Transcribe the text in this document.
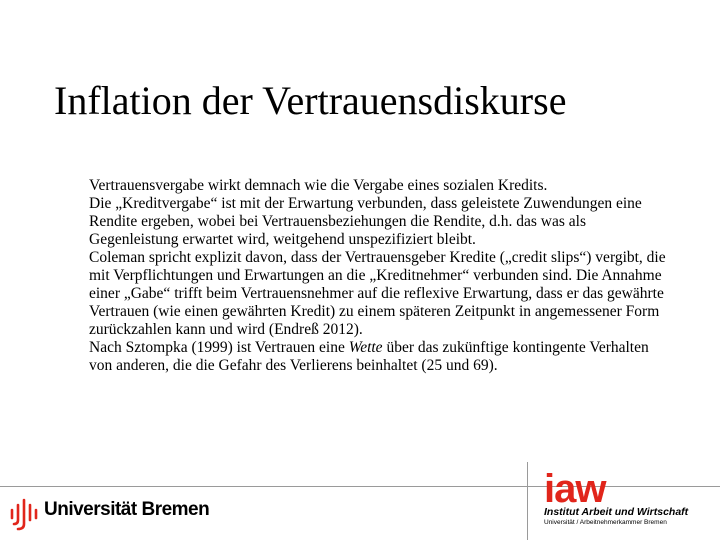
Inflation der Vertrauensdiskurse

Vertrauensvergabe wirkt demnach wie die Vergabe eines sozialen Kredits.

Die „Kreditvergabe“ ist mit der Erwartung verbunden, dass geleistete Zuwendungen eine Rendite ergeben, wobei bei Vertrauensbeziehungen die Rendite, d.h. das was als Gegenleistung erwartet wird, weitgehend unspezifiziert bleibt.

Coleman spricht explizit davon, dass der Vertrauensgeber Kredite („credit slips“) vergibt, die mit Verpflichtungen und Erwartungen an die „Kreditnehmer“ verbunden sind. Die Annahme einer „Gabe“ trifft beim Vertrauensnehmer auf die reflexive Erwartung, dass er das gewährte Vertrauen (wie einen gewährten Kredit) zu einem späteren Zeitpunkt in angemessener Form zurückzahlen kann und wird (Endreß 2012).

Nach Sztompka (1999) ist Vertrauen eine Wette über das zukünftige kontingente Verhalten von anderen, die die Gefahr des Verlierens beinhaltet (25 und 69).

Universität Bremen	iaw
Institut Arbeit und Wirtschaft
Universität / Arbeitnehmerkammer Bremen
